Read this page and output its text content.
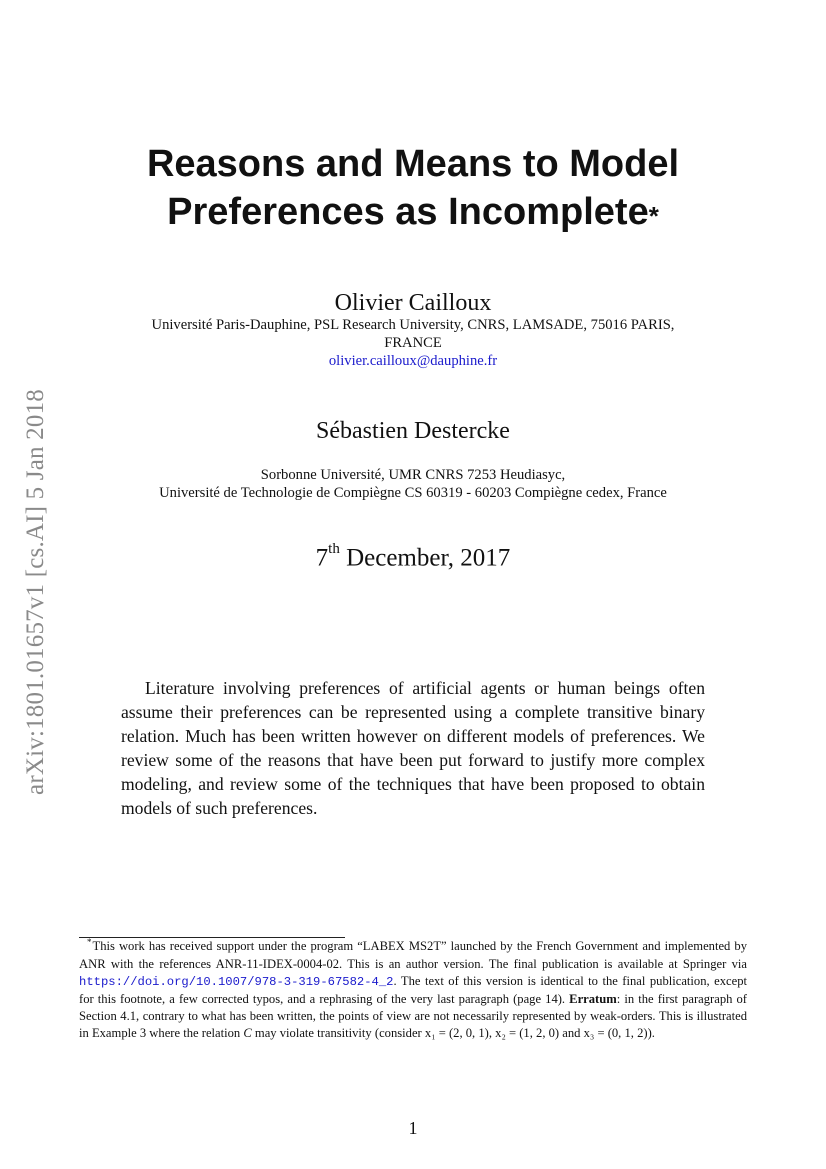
arXiv:1801.01657v1 [cs.AI] 5 Jan 2018
Reasons and Means to Model
Preferences as Incomplete*
Olivier Cailloux
Université Paris-Dauphine, PSL Research University, CNRS, LAMSADE, 75016 PARIS,
FRANCE
olivier.cailloux@dauphine.fr
Sébastien Destercke
Sorbonne Université, UMR CNRS 7253 Heudiasyc,
Université de Technologie de Compiègne CS 60319 - 60203 Compiègne cedex, France
7th December, 2017

Literature involving preferences of artificial agents or human beings often assume their preferences can be represented using a complete transitive binary relation. Much has been written however on different models of preferences. We review some of the reasons that have been put forward to justify more complex modeling, and review some of the techniques that have been proposed to obtain models of such preferences.

*This work has received support under the program “LABEX MS2T” launched by the French Government and implemented by ANR with the references ANR-11-IDEX-0004-02. This is an author version. The final publication is available at Springer via https://doi.org/10.1007/978-3-319-67582-4_2. The text of this version is identical to the final publication, except for this footnote, a few corrected typos, and a rephrasing of the very last paragraph (page 14). Erratum: in the first paragraph of Section 4.1, contrary to what has been written, the points of view are not necessarily represented by weak-orders. This is illustrated in Example 3 where the relation C may violate transitivity (consider x₁ = (2, 0, 1), x₂ = (1, 2, 0) and x₃ = (0, 1, 2)).
1
